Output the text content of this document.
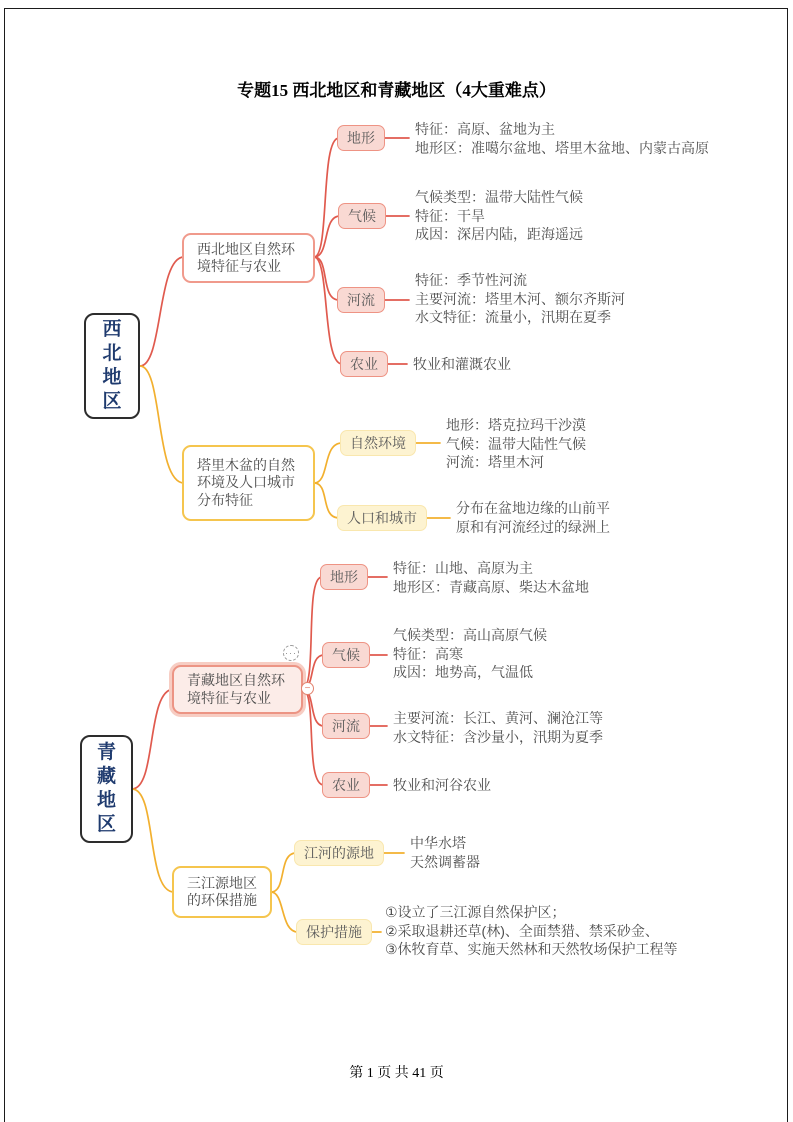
专题15 西北地区和青藏地区（4大重难点）
西北地区
西北地区自然环境特征与农业
地形
特征：高原、盆地为主
地形区：准噶尔盆地、塔里木盆地、内蒙古高原
气候
气候类型：温带大陆性气候
特征：干旱
成因：深居内陆，距海遥远
河流
特征：季节性河流
主要河流：塔里木河、额尔齐斯河
水文特征：流量小，汛期在夏季
农业	牧业和灌溉农业
塔里木盆的自然环境及人口城市分布特征
自然环境
地形：塔克拉玛干沙漠
气候：温带大陆性气候
河流：塔里木河
人口和城市
分布在盆地边缘的山前平
原和有河流经过的绿洲上
青藏地区
青藏地区自然环境特征与农业
···
−
地形
特征：山地、高原为主
地形区：青藏高原、柴达木盆地
气候
气候类型：高山高原气候
特征：高寒
成因：地势高，气温低
河流 主要河流：长江、黄河、澜沧江等
水文特征：含沙量小，汛期为夏季
农业 牧业和河谷农业
三江源地区的环保措施
江河的源地
中华水塔
天然调蓄器
保护措施
①设立了三江源自然保护区；
②采取退耕还草(林)、全面禁猎、禁采砂金、
③休牧育草、实施天然林和天然牧场保护工程等
第 1 页 共 41 页
